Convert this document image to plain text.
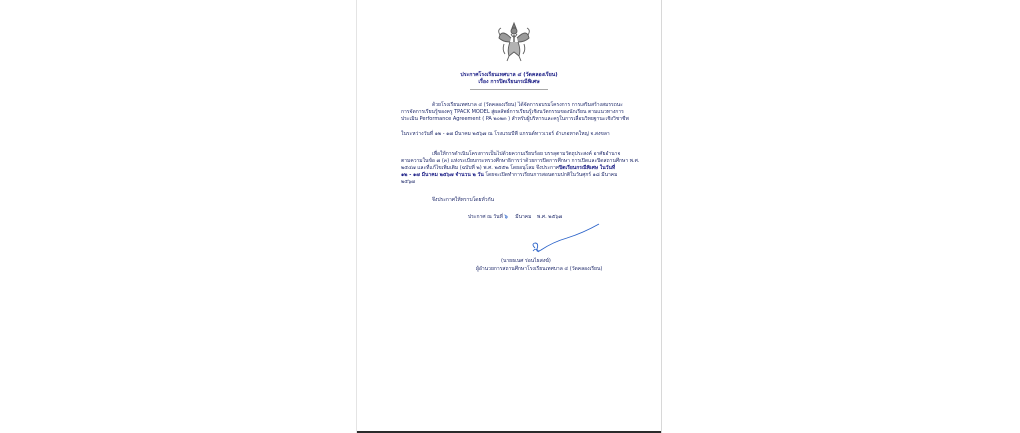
ประกาศโรงเรียนเทศบาล ๔ (วัดคลองเรียน)
เรื่อง การปิดเรียนกรณีพิเศษ
ด้วยโรงเรียนเทศบาล ๔ (วัดคลองเรียน) ได้จัดการอบรมโครงการ การเสริมสร้างสมรรถนะ
การจัดการเรียนรู้ของครู TPACK MODEL สู่ผลลัพธ์การเรียนรู้เชิงนวัตกรรมของนักเรียน ตามแนวทางการ
ประเมิน Performance Agreement ( PA ๒๐๒๓ ) สำหรับผู้บริหารและครูในการเลื่อนวิทยฐานะเชิงวิชาชีพ
ในระหว่างวันที่ ๑๒ - ๑๗ มีนาคม ๒๕๖๗ ณ โรงแรมบีพี แกรนด์ทาวเวอร์ อำเภอหาดใหญ่ จ.สงขลา
เพื่อให้การดำเนินโครงการเป็นไปด้วยความเรียบร้อย บรรลุตามวัตถุประสงค์ อาศัยอำนาจ
ตามความในข้อ ๗ (๓) แห่งระเบียบกระทรวงศึกษาธิการว่าด้วยการปิดการศึกษา การเปิดและปิดสถานศึกษา พ.ศ.
๒๕๔๗ และที่แก้ไขเพิ่มเติม (ฉบับที่ ๒) พ.ศ. ๒๕๕๒ โดยอนุโลม จึงประกาศปิดเรียนกรณีพิเศษ ในวันที่
๑๒ - ๑๗ มีนาคม ๒๕๖๗ จำนวน ๒ วัน โดยจะเปิดทำการเรียนการสอนตามปกติในวันศุกร์ ๑๘ มีนาคม
๒๕๖๗
จึงประกาศให้ทราบโดยทั่วกัน
ประกาศ ณ วันที่ ๖ มีนาคม พ.ศ. ๒๕๖๗
(นายธเนศ ร่อนไธสงฆ์)
ผู้อำนวยการสถานศึกษาโรงเรียนเทศบาล ๔ (วัดคลองเรียน)
